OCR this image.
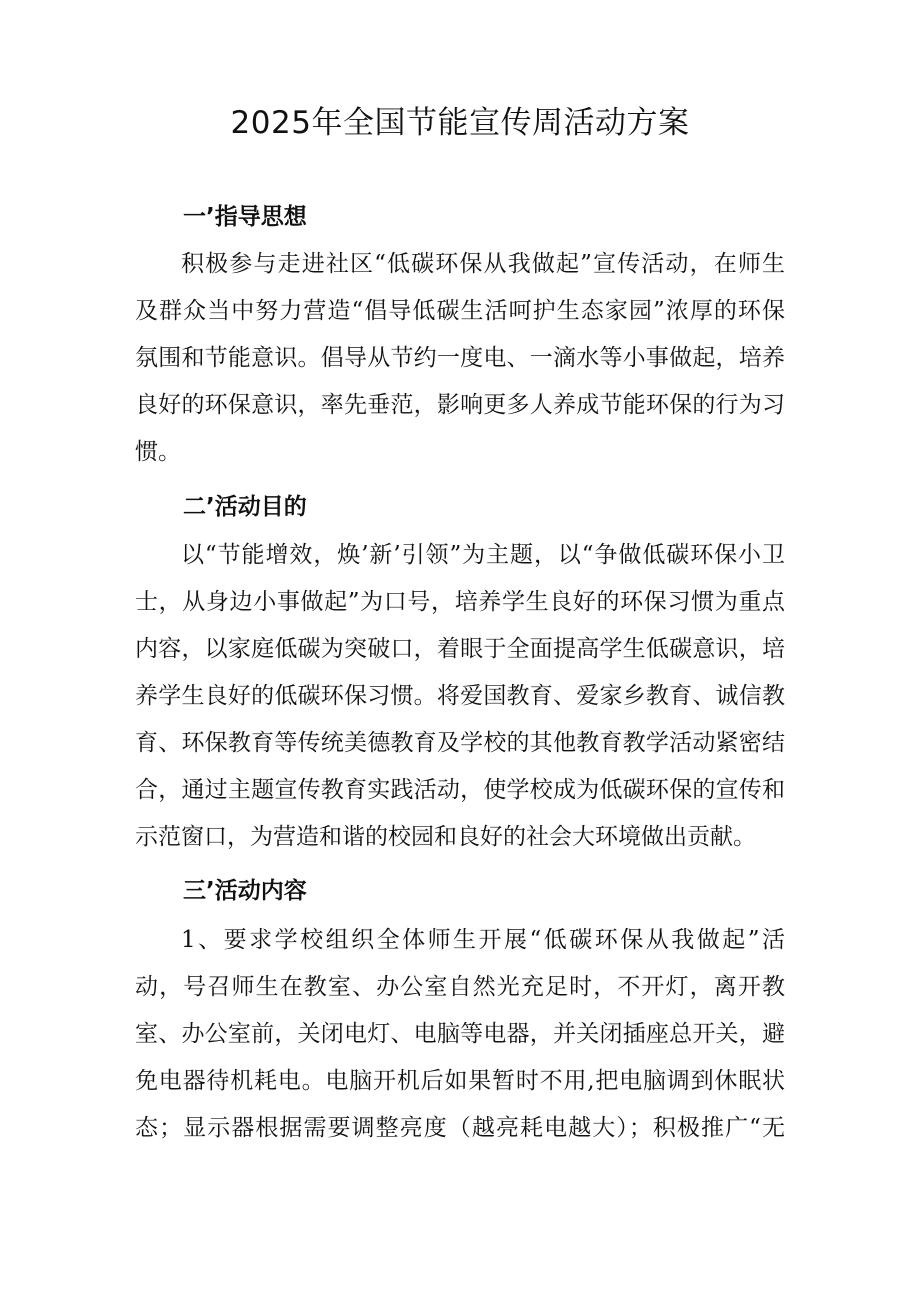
2025年全国节能宣传周活动方案
一’指导思想
积极参与走进社区“低碳环保从我做起”宣传活动，在师生
及群众当中努力营造“倡导低碳生活呵护生态家园”浓厚的环保
氛围和节能意识。倡导从节约一度电、一滴水等小事做起，培养
良好的环保意识，率先垂范，影响更多人养成节能环保的行为习
惯。
二’活动目的
以“节能增效，焕’新’引领”为主题，以“争做低碳环保小卫
士，从身边小事做起”为口号，培养学生良好的环保习惯为重点
内容，以家庭低碳为突破口，着眼于全面提高学生低碳意识，培
养学生良好的低碳环保习惯。将爱国教育、爱家乡教育、诚信教
育、环保教育等传统美德教育及学校的其他教育教学活动紧密结
合，通过主题宣传教育实践活动，使学校成为低碳环保的宣传和
示范窗口，为营造和谐的校园和良好的社会大环境做出贡献。
三’活动内容
1、要求学校组织全体师生开展“低碳环保从我做起”活
动，号召师生在教室、办公室自然光充足时，不开灯，离开教
室、办公室前，关闭电灯、电脑等电器，并关闭插座总开关，避
免电器待机耗电。电脑开机后如果暂时不用,把电脑调到休眠状
态；显示器根据需要调整亮度（越亮耗电越大）；积极推广“无
